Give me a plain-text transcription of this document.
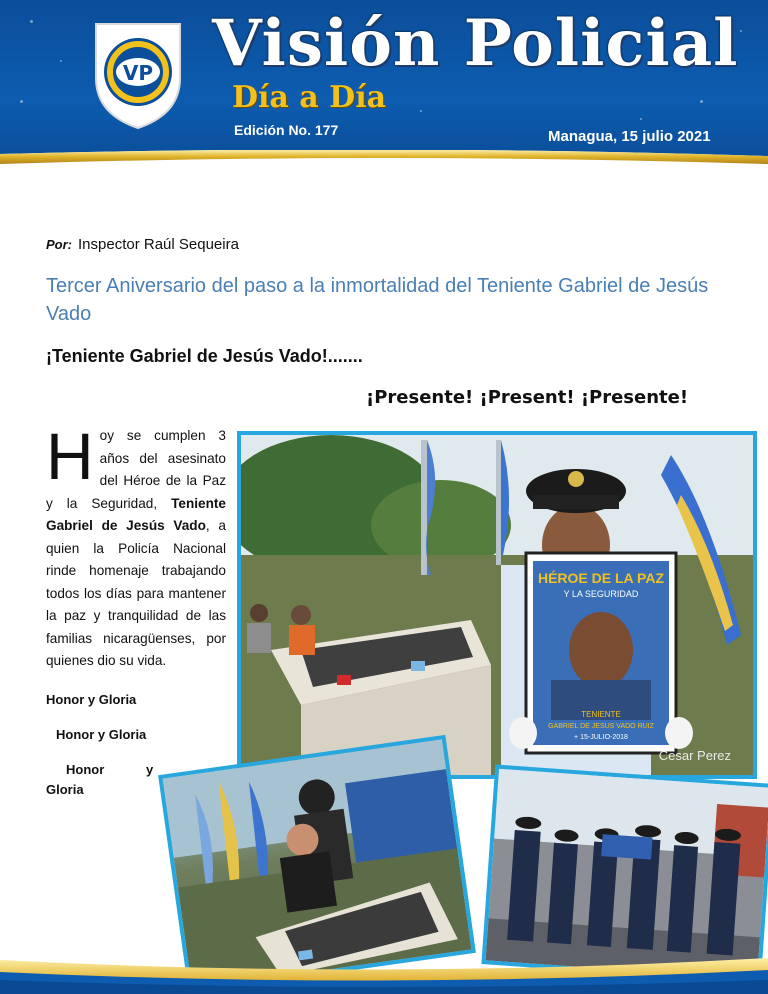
VP Visión Policial
Día a Día
Edición No. 177	Managua, 15 julio 2021
Por: Inspector Raúl Sequeira
Tercer Aniversario del paso a la inmortalidad del Teniente Gabriel de Jesús Vado
¡Teniente Gabriel de Jesús Vado!.......
¡Presente! ¡Present! ¡Presente!
Hoy se cumplen 3 años del asesinato del Héroe de la Paz y la Seguridad, Teniente Gabriel de Jesús Vado, a quien la Policía Nacional rinde homenaje trabajando todos los días para mantener la paz y tranquilidad de las familias nicaragüenses, por quienes dio su vida.
Honor y Gloria
Honor y Gloria
Honor	y
Gloria
HÉROE DE LA PAZ
Y LA SEGURIDAD
TENIENTE
GABRIEL DE JESUS VADO RUIZ
+ 15-JULIO-2018
Cesar Perez
